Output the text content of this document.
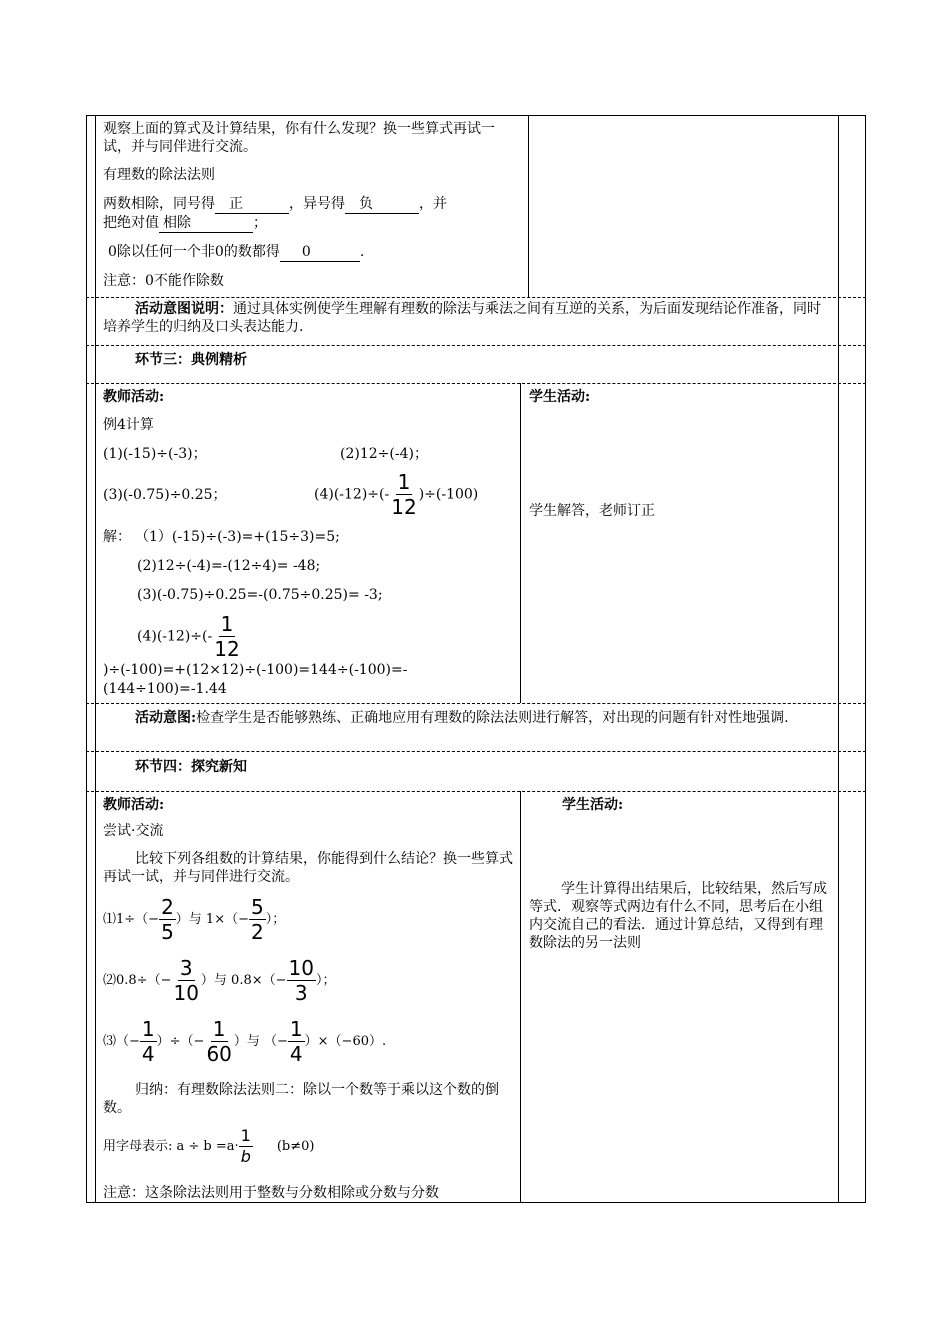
观察上面的算式及计算结果，你有什么发现？换一些算式再试一试，并与同伴进行交流。
有理数的除法法则
两数相除，同号得 正	，异号得 负	，并
把绝对值 相除	；
0除以任何一个非0的数都得 0	.
注意：0不能作除数
活动意图说明：通过具体实例使学生理解有理数的除法与乘法之间有互逆的关系，为后面发现结论作准备，同时培养学生的归纳及口头表达能力.
环节三：典例精析
教师活动:
例4计算
(1)(-15)÷(-3)；	(2)12÷(-4)；
(3)(-0.75)÷0.25；	$(4)(-12)\div(- \frac{1}{12} )\div(-100)$
解： （1）(-15)÷(-3)=+(15÷3)=5;
(2)12÷(-4)=-(12÷4)= -48;
(3)(-0.75)÷0.25=-(0.75÷0.25)= -3;
$(4)(-12)\div(- \frac{1}{12}$
)÷(-100)=+(12×12)÷(-100)=144÷(-100)=-
(144÷100)=-1.44
学生活动:
学生解答，老师订正
活动意图:检查学生是否能够熟练、正确地应用有理数的除法法则进行解答，对出现的问题有针对性地强调.
环节四：探究新知
教师活动:
尝试·交流
比较下列各组数的计算结果，你能得到什么结论？换一些算式再试一试，并与同伴进行交流。
⑴1÷（− $\frac{2}{5}$ ）与 $1\times(- \frac{5}{2}$ ）；
⑵0.8÷（− $\frac{3}{10}$ ）与 $0.8\times(- \frac{10}{3}$ ）；
⑶（− $\frac{1}{4}$ ）÷（− $\frac{1}{60}$ ）与 （− $\frac{1}{4} )\times(-60)$.
归纳：有理数除法法则二：除以一个数等于乘以这个数的倒数。
用字母表示: $a \div b =a\cdot \frac{1}{b} (b\ne 0)$
注意：这条除法法则用于整数与分数相除或分数与分数
学生活动:
学生计算得出结果后，比较结果，然后写成等式．观察等式两边有什么不同，思考后在小组内交流自己的看法．通过计算总结，又得到有理数除法的另一法则
